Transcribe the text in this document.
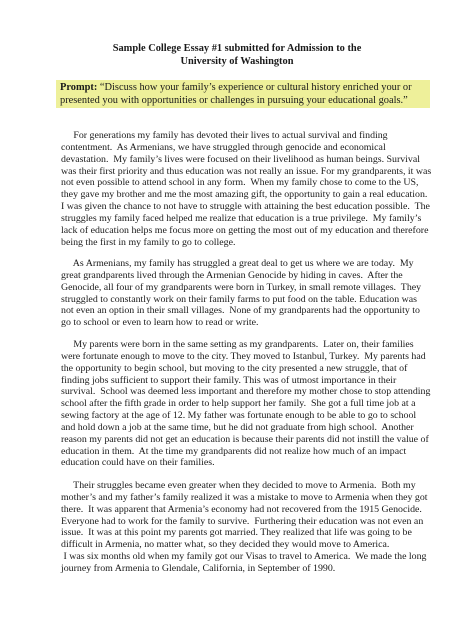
Sample College Essay #1 submitted for Admission to the
University of Washington
Prompt: “Discuss how your family’s experience or cultural history enriched your or
presented you with opportunities or challenges in pursuing your educational goals.”
For generations my family has devoted their lives to actual survival and finding
contentment.  As Armenians, we have struggled through genocide and economical
devastation.  My family’s lives were focused on their livelihood as human beings. Survival
was their first priority and thus education was not really an issue. For my grandparents, it was
not even possible to attend school in any form.  When my family chose to come to the US,
they gave my brother and me the most amazing gift, the opportunity to gain a real education.
I was given the chance to not have to struggle with attaining the best education possible.  The
struggles my family faced helped me realize that education is a true privilege.  My family’s
lack of education helps me focus more on getting the most out of my education and therefore
being the first in my family to go to college.
As Armenians, my family has struggled a great deal to get us where we are today.  My
great grandparents lived through the Armenian Genocide by hiding in caves.  After the
Genocide, all four of my grandparents were born in Turkey, in small remote villages.  They
struggled to constantly work on their family farms to put food on the table. Education was
not even an option in their small villages.  None of my grandparents had the opportunity to
go to school or even to learn how to read or write.
My parents were born in the same setting as my grandparents.  Later on, their families
were fortunate enough to move to the city. They moved to Istanbul, Turkey.  My parents had
the opportunity to begin school, but moving to the city presented a new struggle, that of
finding jobs sufficient to support their family. This was of utmost importance in their
survival.  School was deemed less important and therefore my mother chose to stop attending
school after the fifth grade in order to help support her family.  She got a full time job at a
sewing factory at the age of 12. My father was fortunate enough to be able to go to school
and hold down a job at the same time, but he did not graduate from high school.  Another
reason my parents did not get an education is because their parents did not instill the value of
education in them.  At the time my grandparents did not realize how much of an impact
education could have on their families.
Their struggles became even greater when they decided to move to Armenia.  Both my
mother’s and my father’s family realized it was a mistake to move to Armenia when they got
there.  It was apparent that Armenia’s economy had not recovered from the 1915 Genocide.
Everyone had to work for the family to survive.  Furthering their education was not even an
issue.  It was at this point my parents got married. They realized that life was going to be
difficult in Armenia, no matter what, so they decided they would move to America.
I was six months old when my family got our Visas to travel to America.  We made the long
journey from Armenia to Glendale, California, in September of 1990.
